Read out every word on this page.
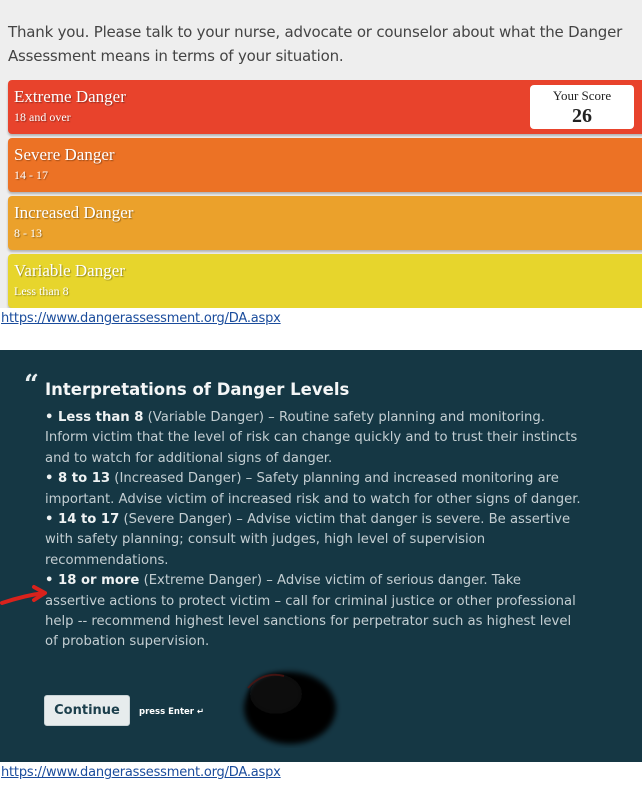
Thank you. Please talk to your nurse, advocate or counselor about what the Danger Assessment means in terms of your situation.
Extreme Danger
18 and over
Your Score
26
Severe Danger
14 - 17
Increased Danger
8 - 13
Variable Danger
Less than 8
https://www.dangerassessment.org/DA.aspx
“ Interpretations of Danger Levels
• Less than 8 (Variable Danger) – Routine safety planning and monitoring. Inform victim that the level of risk can change quickly and to trust their instincts and to watch for additional signs of danger.
• 8 to 13 (Increased Danger) – Safety planning and increased monitoring are important. Advise victim of increased risk and to watch for other signs of danger.
• 14 to 17 (Severe Danger) – Advise victim that danger is severe. Be assertive with safety planning; consult with judges, high level of supervision recommendations.
• 18 or more (Extreme Danger) – Advise victim of serious danger. Take assertive actions to protect victim – call for criminal justice or other professional help -- recommend highest level sanctions for perpetrator such as highest level of probation supervision.
Continue	press Enter ↵
https://www.dangerassessment.org/DA.aspx
